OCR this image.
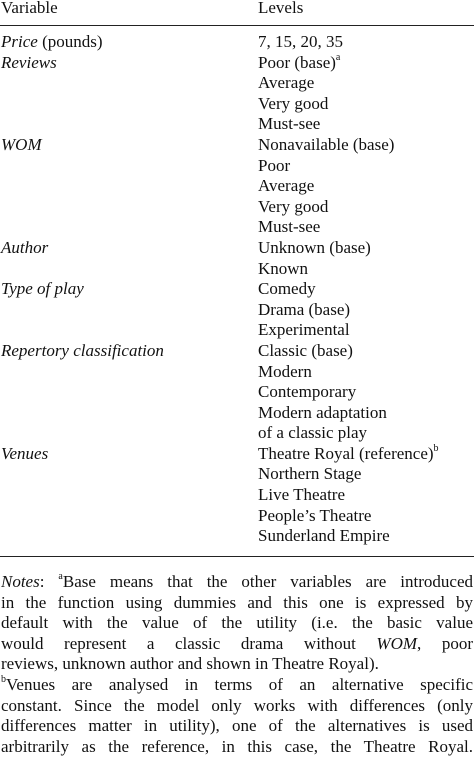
Variable	Levels
Price (pounds)	7, 15, 20, 35
Reviews	Poor (base)$^a$
Average
Very good
Must-see
WOM	Nonavailable (base)
Poor
Average
Very good
Must-see
Author	Unknown (base)
Known
Type of play	Comedy
Drama (base)
Experimental
Repertory classification	Classic (base)
Modern
Contemporary
Modern adaptation
of a classic play
Venues	Theatre Royal (reference)$^b$
Northern Stage
Live Theatre
People’s Theatre
Sunderland Empire
Notes: $^a$Base means that the other variables are introduced
in the function using dummies and this one is expressed by
default with the value of the utility (i.e. the basic value
would represent a classic drama without WOM, poor
reviews, unknown author and shown in Theatre Royal).
$^b$Venues are analysed in terms of an alternative specific
constant. Since the model only works with differences (only
differences matter in utility), one of the alternatives is used
arbitrarily as the reference, in this case, the Theatre Royal.
